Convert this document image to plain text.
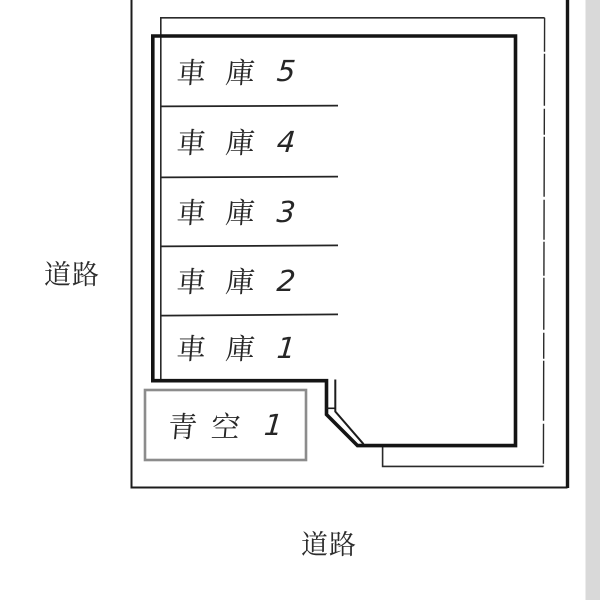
車庫 5
車庫 4
車庫 3
車庫 2
車庫 1
青空 1
道路
道路
